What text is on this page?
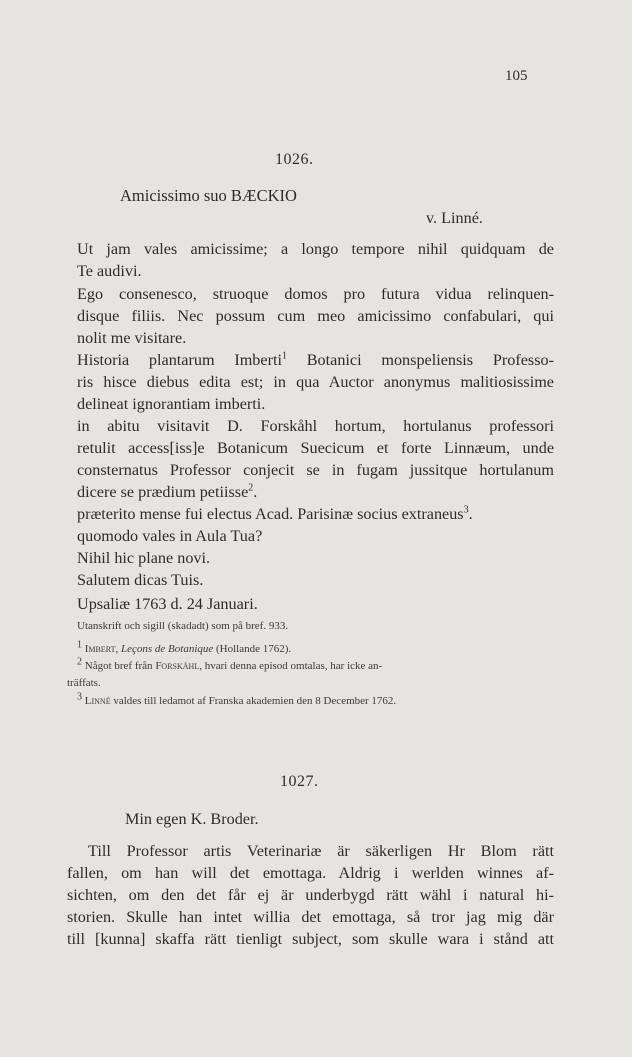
105
1026.
Amicissimo suo BÆCKIO
v. Linné.
Ut jam vales amicissime; a longo tempore nihil quidquam de
Te audivi.
Ego consenesco, struoque domos pro futura vidua relinquen-
disque filiis. Nec possum cum meo amicissimo confabulari, qui
nolit me visitare.
Historia plantarum Imberti$^1$ Botanici monspeliensis Professo-
ris hisce diebus edita est; in qua Auctor anonymus malitiosissime
delineat ignorantiam imberti.
in abitu visitavit D. Forskåhl hortum, hortulanus professori
retulit access[iss]e Botanicum Suecicum et forte Linnæum, unde
consternatus Professor conjecit se in fugam jussitque hortulanum
dicere se prædium petiisse$^2$.
præterito mense fui electus Acad. Parisinæ socius extraneus$^3$.
quomodo vales in Aula Tua?
Nihil hic plane novi.
Salutem dicas Tuis.
Upsaliæ 1763 d. 24 Januari.
Utanskrift och sigill (skadadt) som på bref. 933.
$^1$ Imbert, Leçons de Botanique (Hollande 1762).
$^2$ Något bref från Forskåhl, hvari denna episod omtalas, har icke an-
träffats.
$^3$ Linné valdes till ledamot af Franska akademien den 8 December 1762.
1027.
Min egen K. Broder.
Till Professor artis Veterinariæ är säkerligen Hr Blom rätt
fallen, om han will det emottaga. Aldrig i werlden winnes af-
sichten, om den det får ej är underbygd rätt wähl i natural hi-
storien. Skulle han intet willia det emottaga, så tror jag mig där
till [kunna] skaffa rätt tienligt subject, som skulle wara i stånd att
